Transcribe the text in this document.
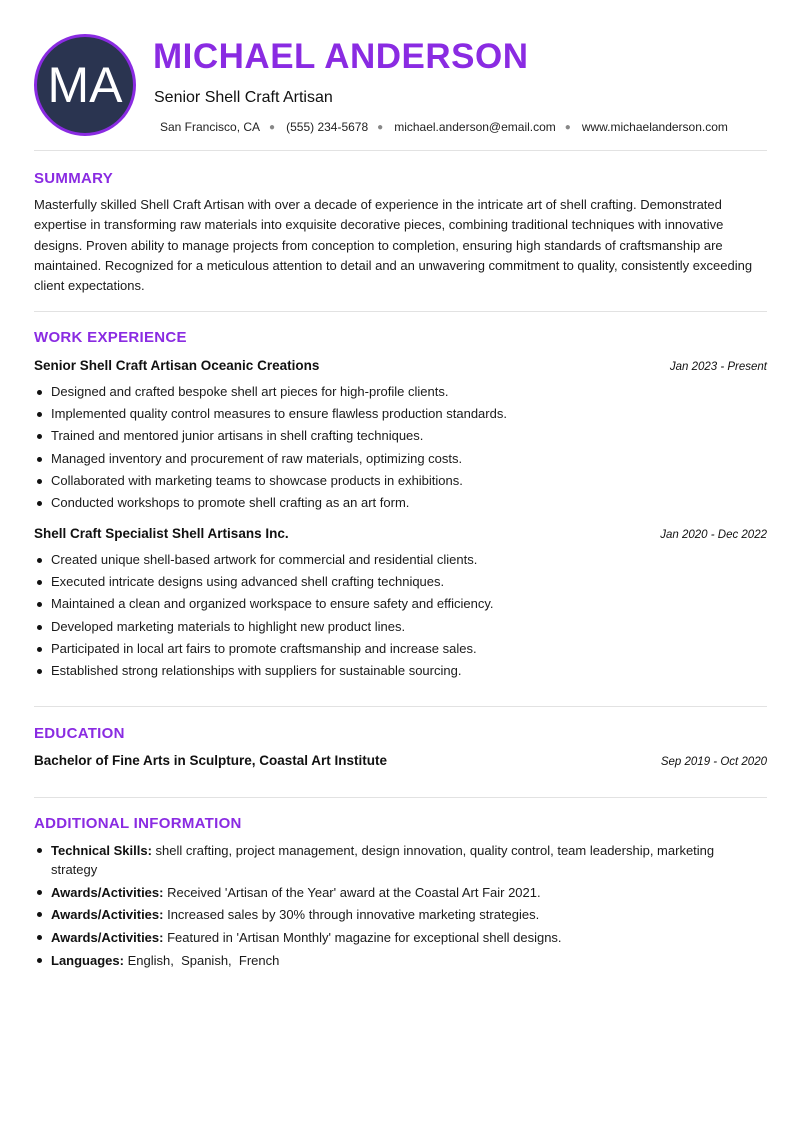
MA
MICHAEL ANDERSON
Senior Shell Craft Artisan
San Francisco, CA ● (555) 234-5678 ● michael.anderson@email.com ● www.michaelanderson.com
SUMMARY

Masterfully skilled Shell Craft Artisan with over a decade of experience in the intricate art of shell crafting. Demonstrated expertise in transforming raw materials into exquisite decorative pieces, combining traditional techniques with innovative designs. Proven ability to manage projects from conception to completion, ensuring high standards of craftsmanship are maintained. Recognized for a meticulous attention to detail and an unwavering commitment to quality, consistently exceeding client expectations.

WORK EXPERIENCE
Senior Shell Craft Artisan Oceanic Creations	Jan 2023 - Present
Designed and crafted bespoke shell art pieces for high-profile clients.
Implemented quality control measures to ensure flawless production standards.
Trained and mentored junior artisans in shell crafting techniques.
Managed inventory and procurement of raw materials, optimizing costs.
Collaborated with marketing teams to showcase products in exhibitions.
Conducted workshops to promote shell crafting as an art form.
Shell Craft Specialist Shell Artisans Inc.	Jan 2020 - Dec 2022
Created unique shell-based artwork for commercial and residential clients.
Executed intricate designs using advanced shell crafting techniques.
Maintained a clean and organized workspace to ensure safety and efficiency.
Developed marketing materials to highlight new product lines.
Participated in local art fairs to promote craftsmanship and increase sales.
Established strong relationships with suppliers for sustainable sourcing.
EDUCATION
Bachelor of Fine Arts in Sculpture, Coastal Art Institute	Sep 2019 - Oct 2020
ADDITIONAL INFORMATION
Technical Skills: shell crafting, project management, design innovation, quality control, team leadership, marketing strategy
Awards/Activities: Received 'Artisan of the Year' award at the Coastal Art Fair 2021.
Awards/Activities: Increased sales by 30% through innovative marketing strategies.
Awards/Activities: Featured in 'Artisan Monthly' magazine for exceptional shell designs.
Languages: English,  Spanish,  French
